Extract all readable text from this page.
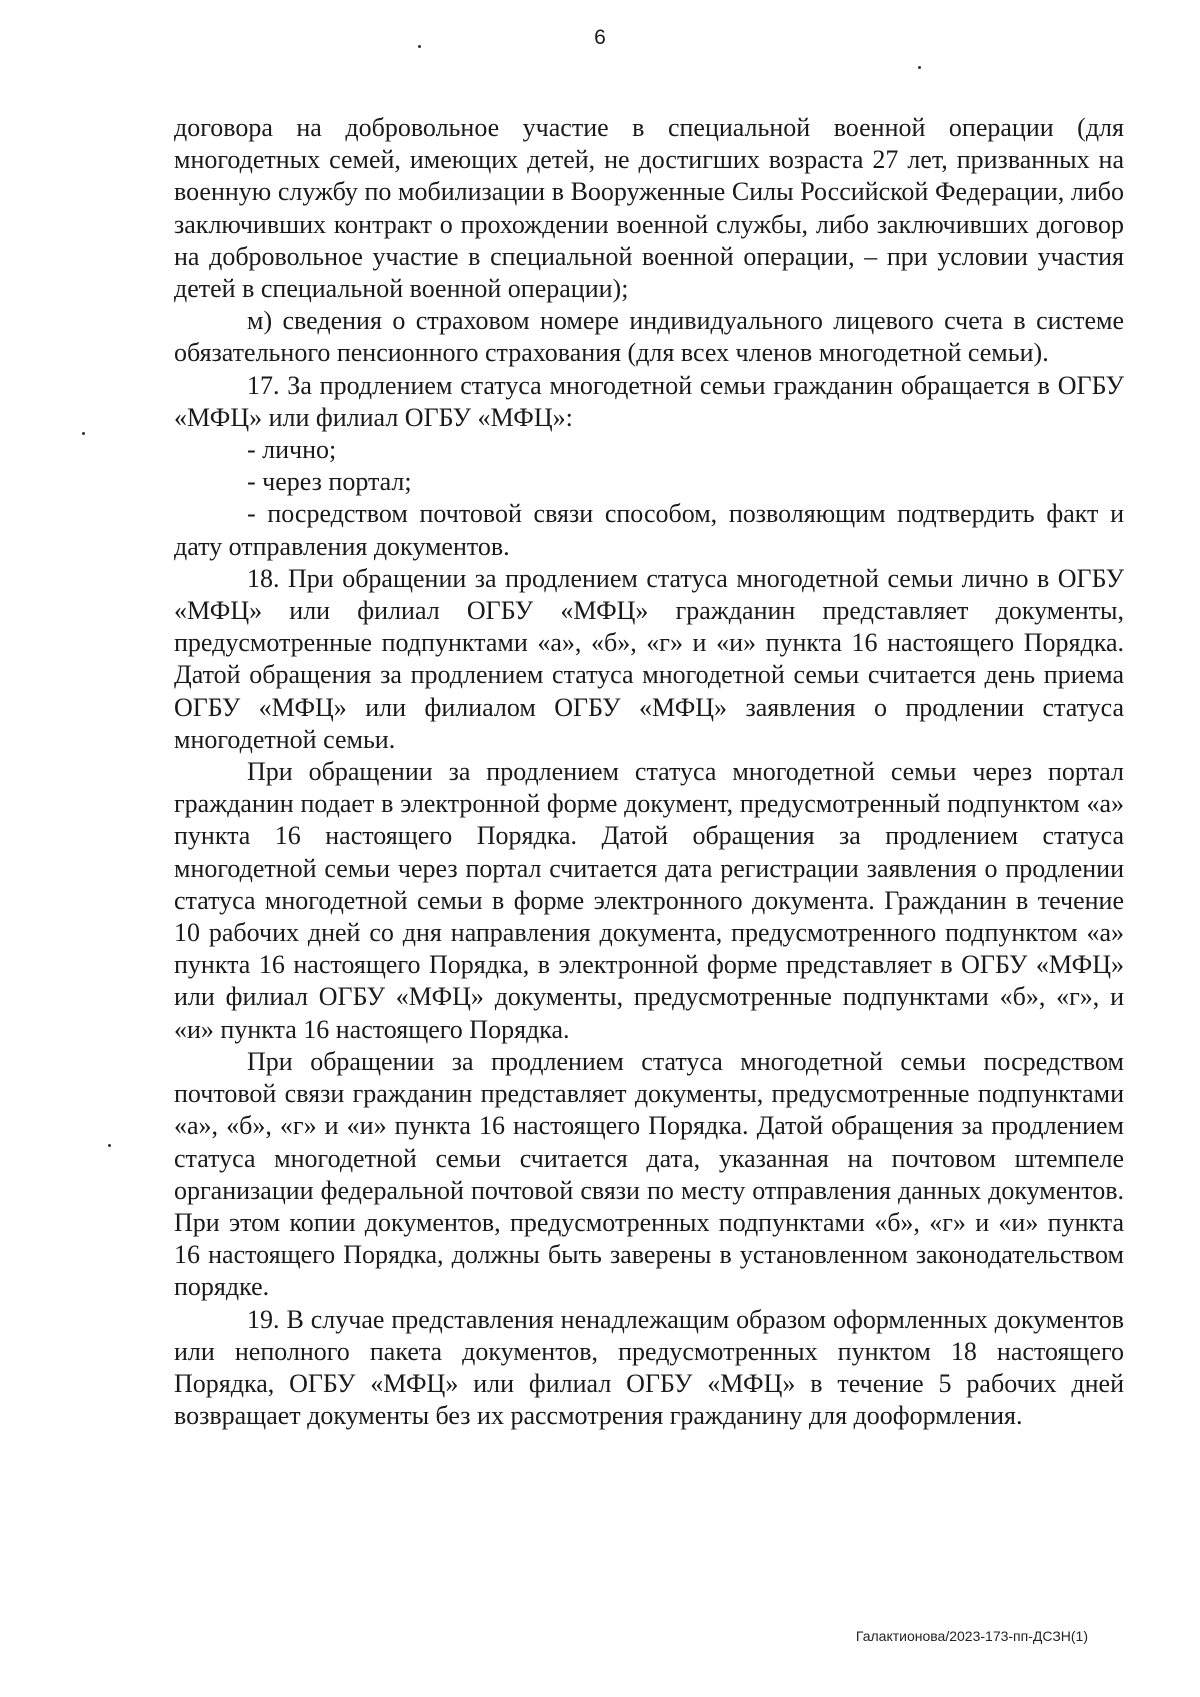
6

договора на добровольное участие в специальной военной операции (для многодетных семей, имеющих детей, не достигших возраста 27 лет, призванных на военную службу по мобилизации в Вооруженные Силы Российской Федерации, либо заключивших контракт о прохождении военной службы, либо заключивших договор на добровольное участие в специальной военной операции, – при условии участия детей в специальной военной операции);

м) сведения о страховом номере индивидуального лицевого счета в системе обязательного пенсионного страхования (для всех членов многодетной семьи).

17. За продлением статуса многодетной семьи гражданин обращается в ОГБУ «МФЦ» или филиал ОГБУ «МФЦ»:

- лично;

- через портал;

- посредством почтовой связи способом, позволяющим подтвердить факт и дату отправления документов.

18. При обращении за продлением статуса многодетной семьи лично в ОГБУ «МФЦ» или филиал ОГБУ «МФЦ» гражданин представляет документы, предусмотренные подпунктами «а», «б», «г» и «и» пункта 16 настоящего Порядка. Датой обращения за продлением статуса многодетной семьи считается день приема ОГБУ «МФЦ» или филиалом ОГБУ «МФЦ» заявления о продлении статуса многодетной семьи.

При обращении за продлением статуса многодетной семьи через портал гражданин подает в электронной форме документ, предусмотренный подпунктом «а» пункта 16 настоящего Порядка. Датой обращения за продлением статуса многодетной семьи через портал считается дата регистрации заявления о продлении статуса многодетной семьи в форме электронного документа. Гражданин в течение 10 рабочих дней со дня направления документа, предусмотренного подпунктом «а» пункта 16 настоящего Порядка, в электронной форме представляет в ОГБУ «МФЦ» или филиал ОГБУ «МФЦ» документы, предусмотренные подпунктами «б», «г», и «и» пункта 16 настоящего Порядка.

При обращении за продлением статуса многодетной семьи посредством почтовой связи гражданин представляет документы, предусмотренные подпунктами «а», «б», «г» и «и» пункта 16 настоящего Порядка. Датой обращения за продлением статуса многодетной семьи считается дата, указанная на почтовом штемпеле организации федеральной почтовой связи по месту отправления данных документов. При этом копии документов, предусмотренных подпунктами «б», «г» и «и» пункта 16 настоящего Порядка, должны быть заверены в установленном законодательством порядке.

19. В случае представления ненадлежащим образом оформленных документов или неполного пакета документов, предусмотренных пунктом 18 настоящего Порядка, ОГБУ «МФЦ» или филиал ОГБУ «МФЦ» в течение 5 рабочих дней возвращает документы без их рассмотрения гражданину для дооформления.

Галактионова/2023-173-пп-ДСЗН(1)
